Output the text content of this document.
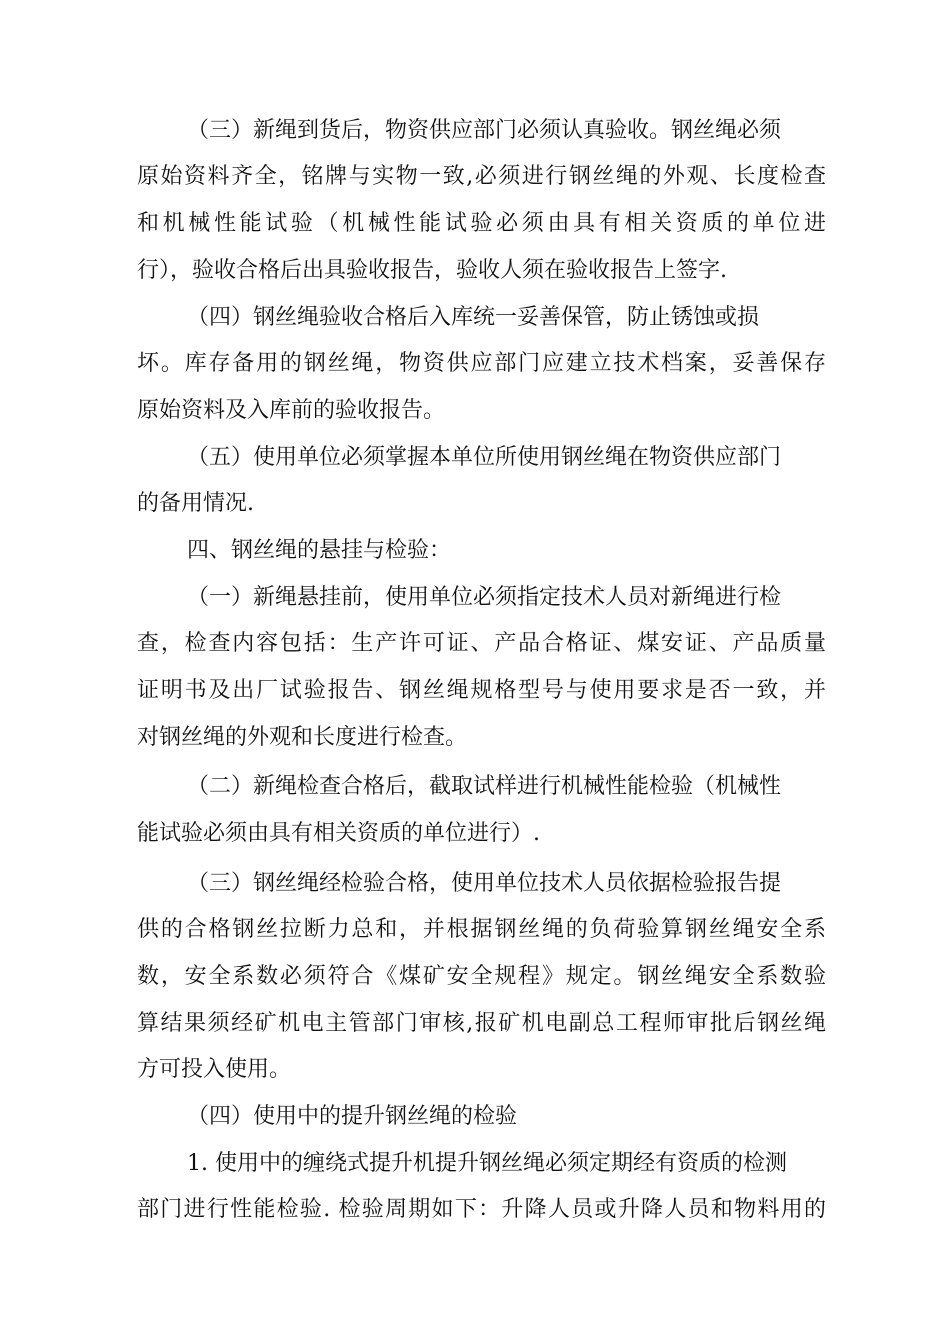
（三）新绳到货后，物资供应部门必须认真验收。钢丝绳必须
原始资料齐全，铭牌与实物一致,必须进行钢丝绳的外观、长度检查
和机械性能试验（机械性能试验必须由具有相关资质的单位进
行），验收合格后出具验收报告，验收人须在验收报告上签字.
（四）钢丝绳验收合格后入库统一妥善保管，防止锈蚀或损
坏。库存备用的钢丝绳，物资供应部门应建立技术档案，妥善保存
原始资料及入库前的验收报告。
（五）使用单位必须掌握本单位所使用钢丝绳在物资供应部门
的备用情况.
四、钢丝绳的悬挂与检验：
（一）新绳悬挂前，使用单位必须指定技术人员对新绳进行检
查，检查内容包括：生产许可证、产品合格证、煤安证、产品质量
证明书及出厂试验报告、钢丝绳规格型号与使用要求是否一致，并
对钢丝绳的外观和长度进行检查。
（二）新绳检查合格后，截取试样进行机械性能检验（机械性
能试验必须由具有相关资质的单位进行）.
（三）钢丝绳经检验合格，使用单位技术人员依据检验报告提
供的合格钢丝拉断力总和，并根据钢丝绳的负荷验算钢丝绳安全系
数，安全系数必须符合《煤矿安全规程》规定。钢丝绳安全系数验
算结果须经矿机电主管部门审核,报矿机电副总工程师审批后钢丝绳
方可投入使用。
（四）使用中的提升钢丝绳的检验
1. 使用中的缠绕式提升机提升钢丝绳必须定期经有资质的检测
部门进行性能检验. 检验周期如下：升降人员或升降人员和物料用的
